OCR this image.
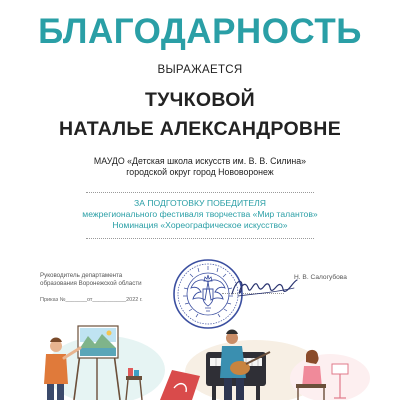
БЛАГОДАРНОСТЬ
ВЫРАЖАЕТСЯ
ТУЧКОВОЙ
НАТАЛЬЕ АЛЕКСАНДРОВНЕ
МАУДО «Детская школа искусств им. В. В. Силина»
городской округ город Нововоронеж
ЗА ПОДГОТОВКУ ПОБЕДИТЕЛЯ
межрегионального фестиваля творчества «Мир талантов»
Номинация «Хореографическое искусство»
Руководитель департамента
образования Воронежской области
Приказ №_______от___________2022 г.
Н. В. Салогубова
